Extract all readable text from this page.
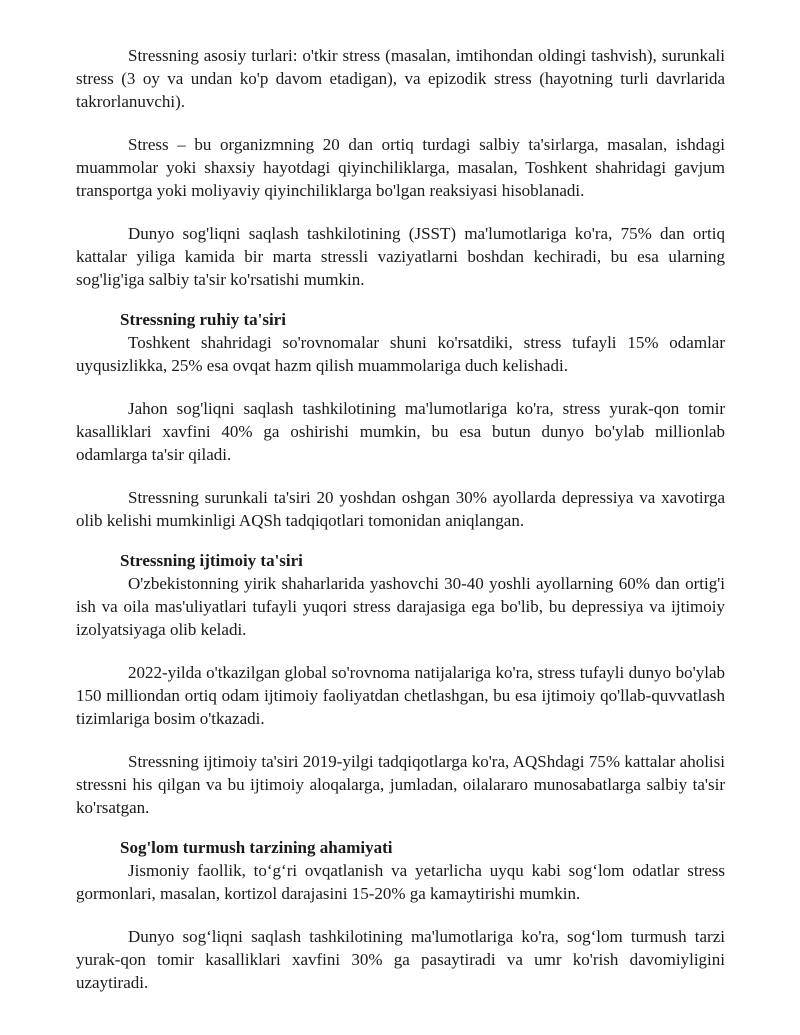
Stressning asosiy turlari: o'tkir stress (masalan, imtihondan oldingi tashvish), surunkali stress (3 oy va undan ko'p davom etadigan), va epizodik stress (hayotning turli davrlarida takrorlanuvchi).

Stress – bu organizmning 20 dan ortiq turdagi salbiy ta'sirlarga, masalan, ishdagi muammolar yoki shaxsiy hayotdagi qiyinchiliklarga, masalan, Toshkent shahridagi gavjum transportga yoki moliyaviy qiyinchiliklarga bo'lgan reaksiyasi hisoblanadi.

Dunyo sog'liqni saqlash tashkilotining (JSST) ma'lumotlariga ko'ra, 75% dan ortiq kattalar yiliga kamida bir marta stressli vaziyatlarni boshdan kechiradi, bu esa ularning sog'lig'iga salbiy ta'sir ko'rsatishi mumkin.

Stressning ruhiy ta'siri

Toshkent shahridagi so'rovnomalar shuni ko'rsatdiki, stress tufayli 15% odamlar uyqusizlikka, 25% esa ovqat hazm qilish muammolariga duch kelishadi.

Jahon sog'liqni saqlash tashkilotining ma'lumotlariga ko'ra, stress yurak-qon tomir kasalliklari xavfini 40% ga oshirishi mumkin, bu esa butun dunyo bo'ylab millionlab odamlarga ta'sir qiladi.

Stressning surunkali ta'siri 20 yoshdan oshgan 30% ayollarda depressiya va xavotirga olib kelishi mumkinligi AQSh tadqiqotlari tomonidan aniqlangan.

Stressning ijtimoiy ta'siri

O'zbekistonning yirik shaharlarida yashovchi 30-40 yoshli ayollarning 60% dan ortig'i ish va oila mas'uliyatlari tufayli yuqori stress darajasiga ega bo'lib, bu depressiya va ijtimoiy izolyatsiyaga olib keladi.

2022-yilda o'tkazilgan global so'rovnoma natijalariga ko'ra, stress tufayli dunyo bo'ylab 150 milliondan ortiq odam ijtimoiy faoliyatdan chetlashgan, bu esa ijtimoiy qo'llab-quvvatlash tizimlariga bosim o'tkazadi.

Stressning ijtimoiy ta'siri 2019-yilgi tadqiqotlarga ko'ra, AQShdagi 75% kattalar aholisi stressni his qilgan va bu ijtimoiy aloqalarga, jumladan, oilalararo munosabatlarga salbiy ta'sir ko'rsatgan.

Sog'lom turmush tarzining ahamiyati

Jismoniy faollik, to‘g‘ri ovqatlanish va yetarlicha uyqu kabi sog‘lom odatlar stress gormonlari, masalan, kortizol darajasini 15-20% ga kamaytirishi mumkin.

Dunyo sog‘liqni saqlash tashkilotining ma'lumotlariga ko'ra, sog‘lom turmush tarzi yurak-qon tomir kasalliklari xavfini 30% ga pasaytiradi va umr ko'rish davomiyligini uzaytiradi.
